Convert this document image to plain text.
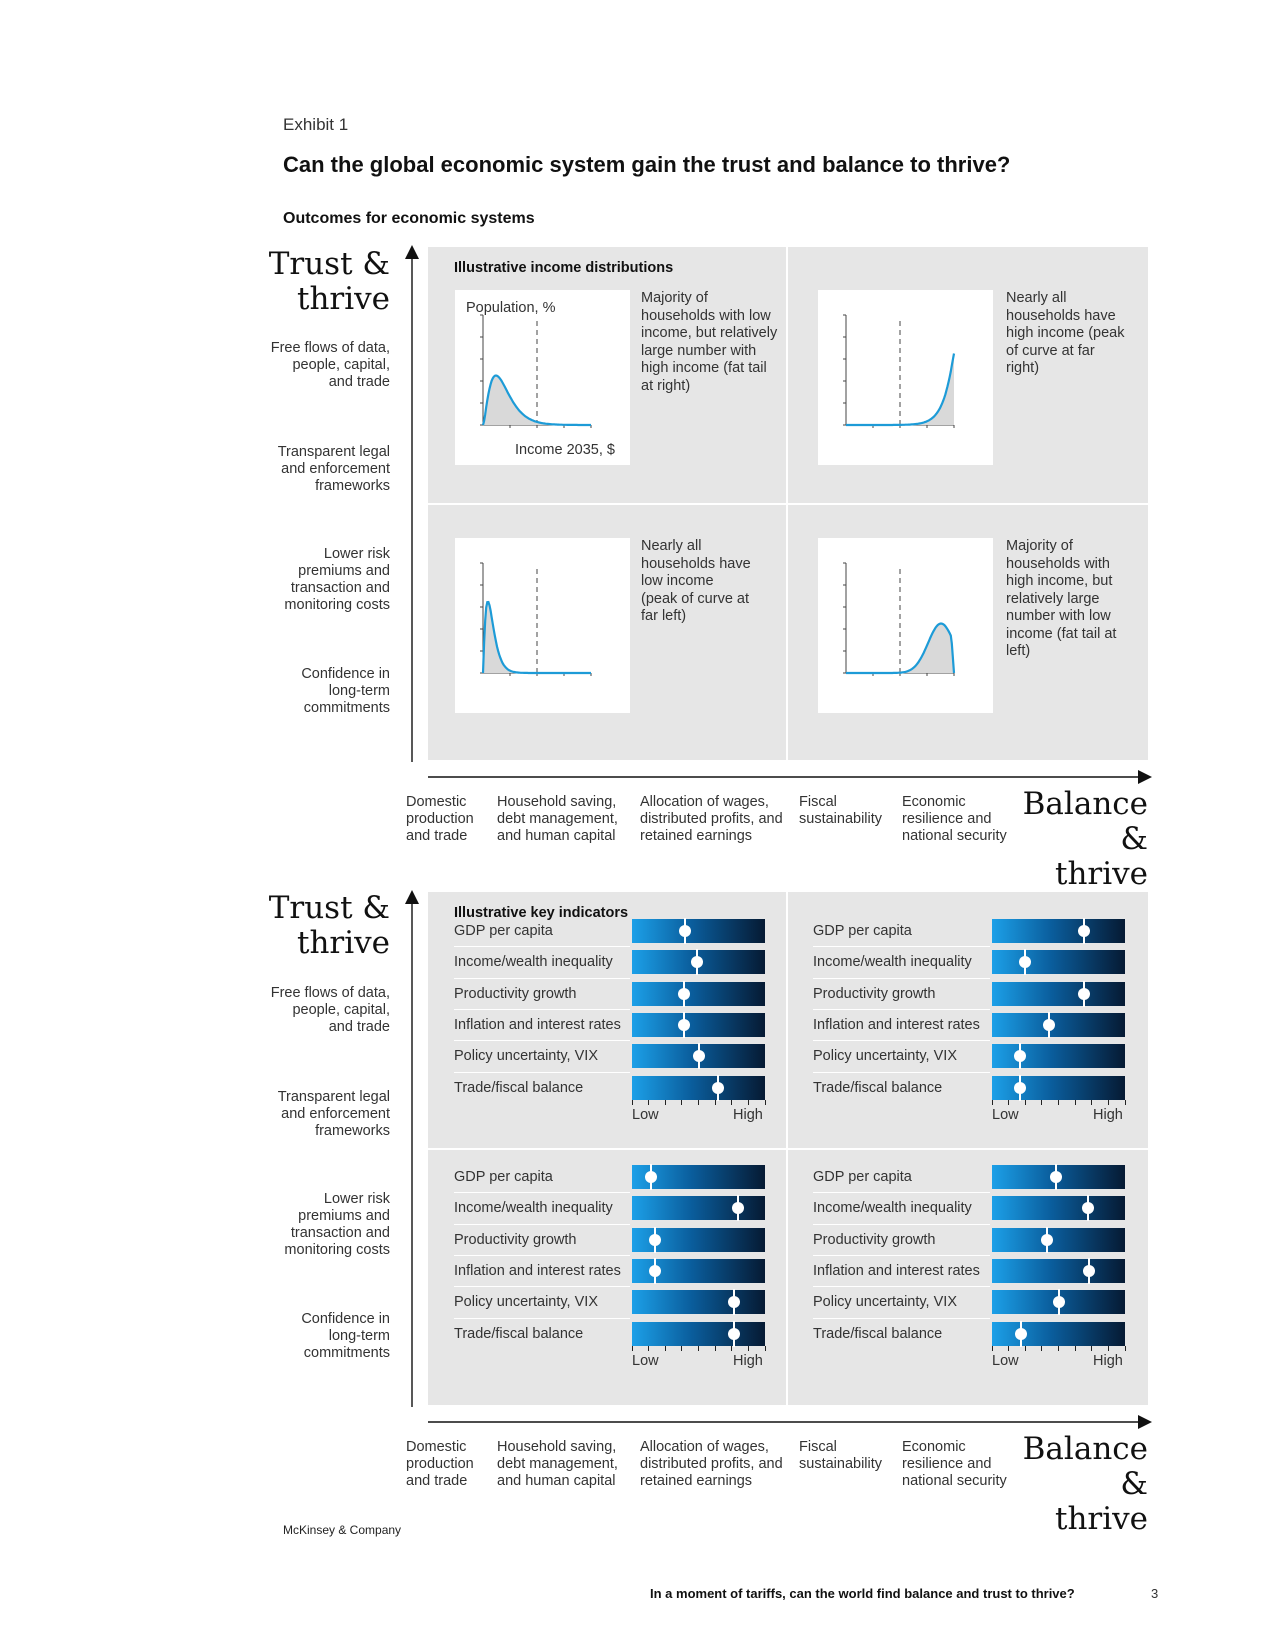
Exhibit 1
Can the global economic system gain the trust and balance to thrive?
Outcomes for economic systems
Trust &
thrive
Free flows of data, people, capital, and trade
Transparent legal and enforcement frameworks
Lower risk premiums and transaction and monitoring costs
Confidence in long-term commitments
Illustrative income distributions
Population, %
Income 2035, $
Majority of households with low income, but relatively large number with high income (fat tail at right)
Nearly all households have high income (peak of curve at far right)
Nearly all households have low income (peak of curve at far left)
Majority of households with high income, but relatively large number with low income (fat tail at left)
Domestic production and trade
Household saving, debt management, and human capital
Allocation of wages, distributed profits, and retained earnings
Fiscal sustainability
Economic resilience and national security
Balance
& thrive
Trust &
thrive
Free flows of data, people, capital, and trade
Transparent legal and enforcement frameworks
Lower risk premiums and transaction and monitoring costs
Confidence in long-term commitments
Illustrative key indicators
GDP per capita
Income/wealth inequality
Productivity growth
Inflation and interest rates
Policy uncertainty, VIX
Trade/fiscal balance
Low	High
GDP per capita
Income/wealth inequality
Productivity growth
Inflation and interest rates
Policy uncertainty, VIX
Trade/fiscal balance
Low	High
GDP per capita
Income/wealth inequality
Productivity growth
Inflation and interest rates
Policy uncertainty, VIX
Trade/fiscal balance
Low	High
GDP per capita
Income/wealth inequality
Productivity growth
Inflation and interest rates
Policy uncertainty, VIX
Trade/fiscal balance
Low	High
Domestic production and trade
Household saving, debt management, and human capital
Allocation of wages, distributed profits, and retained earnings
Fiscal sustainability
Economic resilience and national security
Balance
& thrive
McKinsey & Company
In a moment of tariffs, can the world find balance and trust to thrive?	3
